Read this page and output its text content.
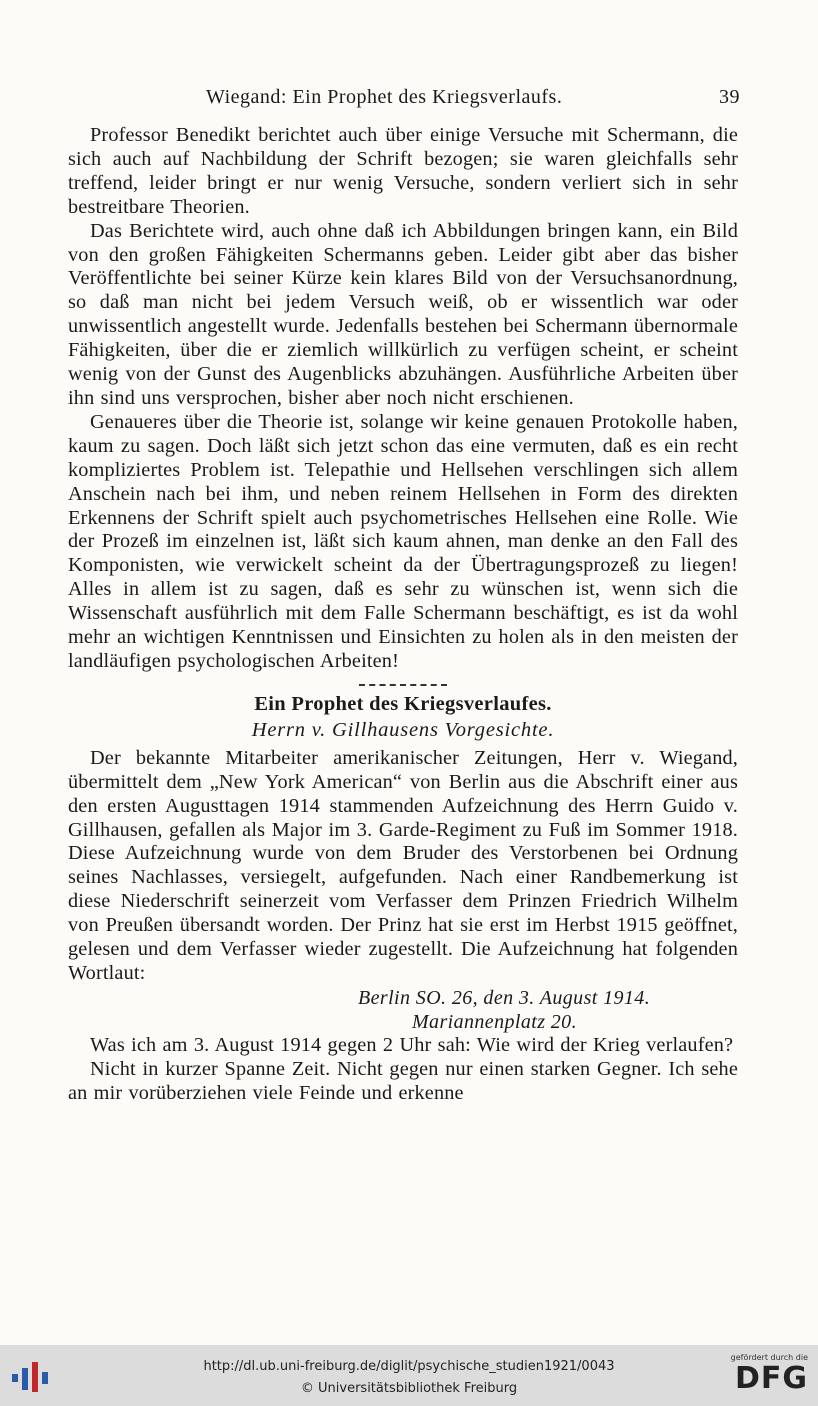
Wiegand: Ein Prophet des Kriegsverlaufs.	39

Professor Benedikt berichtet auch über einige Versuche mit Schermann, die sich auch auf Nachbildung der Schrift bezogen; sie waren gleichfalls sehr treffend, leider bringt er nur wenig Versuche, sondern verliert sich in sehr bestreitbare Theorien.

Das Berichtete wird, auch ohne daß ich Abbildungen bringen kann, ein Bild von den großen Fähigkeiten Schermanns geben. Leider gibt aber das bisher Veröffentlichte bei seiner Kürze kein klares Bild von der Versuchsanordnung, so daß man nicht bei jedem Versuch weiß, ob er wissentlich war oder unwissentlich angestellt wurde. Jedenfalls bestehen bei Schermann übernormale Fähigkeiten, über die er ziemlich willkürlich zu verfügen scheint, er scheint wenig von der Gunst des Augenblicks abzuhängen. Ausführliche Arbeiten über ihn sind uns versprochen, bisher aber noch nicht erschienen.

Genaueres über die Theorie ist, solange wir keine genauen Protokolle haben, kaum zu sagen. Doch läßt sich jetzt schon das eine vermuten, daß es ein recht kompliziertes Problem ist. Telepathie und Hellsehen verschlingen sich allem Anschein nach bei ihm, und neben reinem Hellsehen in Form des direkten Erkennens der Schrift spielt auch psychometrisches Hellsehen eine Rolle. Wie der Prozeß im einzelnen ist, läßt sich kaum ahnen, man denke an den Fall des Komponisten, wie verwickelt scheint da der Übertragungsprozeß zu liegen! Alles in allem ist zu sagen, daß es sehr zu wünschen ist, wenn sich die Wissenschaft ausführlich mit dem Falle Schermann beschäftigt, es ist da wohl mehr an wichtigen Kenntnissen und Einsichten zu holen als in den meisten der landläufigen psychologischen Arbeiten!

Ein Prophet des Kriegsverlaufes.

Herrn v. Gillhausens Vorgesichte.

Der bekannte Mitarbeiter amerikanischer Zeitungen, Herr v. Wiegand, übermittelt dem „New York American“ von Berlin aus die Abschrift einer aus den ersten Augusttagen 1914 stammenden Aufzeichnung des Herrn Guido v. Gillhausen, gefallen als Major im 3. Garde-Regiment zu Fuß im Sommer 1918. Diese Aufzeichnung wurde von dem Bruder des Verstorbenen bei Ordnung seines Nachlasses, versiegelt, aufgefunden. Nach einer Randbemerkung ist diese Niederschrift seinerzeit vom Verfasser dem Prinzen Friedrich Wilhelm von Preußen übersandt worden. Der Prinz hat sie erst im Herbst 1915 geöffnet, gelesen und dem Verfasser wieder zugestellt. Die Aufzeichnung hat folgenden Wortlaut:

Berlin SO. 26, den 3. August 1914.

Mariannenplatz 20.

Was ich am 3. August 1914 gegen 2 Uhr sah: Wie wird der Krieg verlaufen?

Nicht in kurzer Spanne Zeit. Nicht gegen nur einen starken Gegner. Ich sehe an mir vorüberziehen viele Feinde und erkenne

http://dl.ub.uni-freiburg.de/diglit/psychische_studien1921/0043
© Universitätsbibliothek Freiburg
gefördert durch die
DFG
